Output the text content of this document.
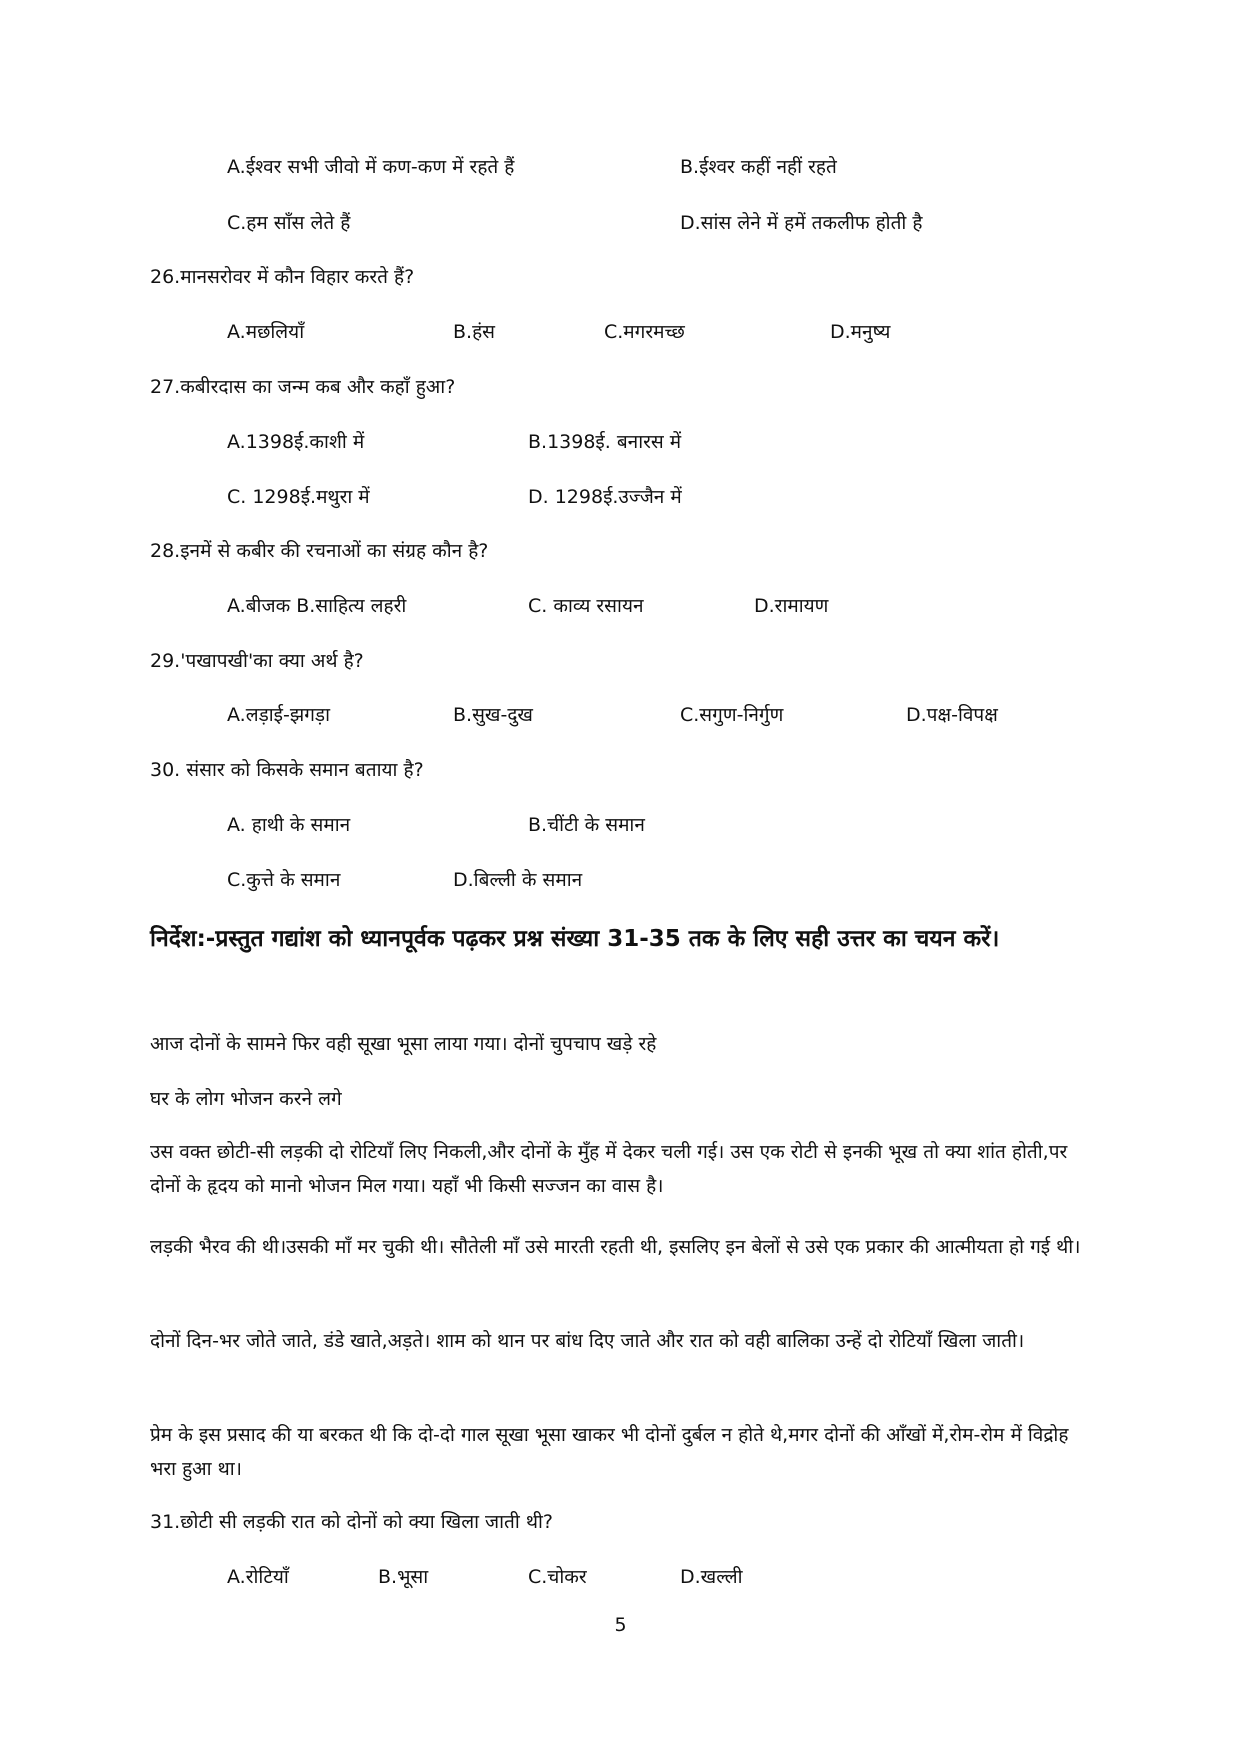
A.ईश्वर सभी जीवो में कण-कण में रहते हैं	B.ईश्वर कहीं नहीं रहते
C.हम साँस लेते हैं	D.सांस लेने में हमें तकलीफ होती है
26.मानसरोवर में कौन विहार करते हैं?
A.मछलियाँ	B.हंस	C.मगरमच्छ	D.मनुष्य
27.कबीरदास का जन्म कब और कहाँ हुआ?
A.1398ई.काशी में	B.1398ई. बनारस में
C. 1298ई.मथुरा में	D. 1298ई.उज्जैन में
28.इनमें से कबीर की रचनाओं का संग्रह कौन है?
A.बीजक B.साहित्य लहरी	C. काव्य रसायन	D.रामायण
29.'पखापखी'का क्या अर्थ है?
A.लड़ाई-झगड़ा	B.सुख-दुख	C.सगुण-निर्गुण	D.पक्ष-विपक्ष
30. संसार को किसके समान बताया है?
A. हाथी के समान	B.चींटी के समान
C.कुत्ते के समान	D.बिल्ली के समान
निर्देश:-प्रस्तुत गद्यांश को ध्यानपूर्वक पढ़कर प्रश्न संख्या 31-35 तक के लिए सही उत्तर का चयन करें।
आज दोनों के सामने फिर वही सूखा भूसा लाया गया। दोनों चुपचाप खड़े रहे
घर के लोग भोजन करने लगे
उस वक्त छोटी-सी लड़की दो रोटियाँ लिए निकली,और दोनों के मुँह में देकर चली गई। उस एक रोटी से इनकी भूख तो क्या शांत होती,पर दोनों के हृदय को मानो भोजन मिल गया। यहाँ भी किसी सज्जन का वास है।
लड़की भैरव की थी।उसकी माँ मर चुकी थी। सौतेली माँ उसे मारती रहती थी, इसलिए इन बेलों से उसे एक प्रकार की आत्मीयता हो गई थी।
दोनों दिन-भर जोते जाते, डंडे खाते,अड़ते। शाम को थान पर बांध दिए जाते और रात को वही बालिका उन्हें दो रोटियाँ खिला जाती।
प्रेम के इस प्रसाद की या बरकत थी कि दो-दो गाल सूखा भूसा खाकर भी दोनों दुर्बल न होते थे,मगर दोनों की आँखों में,रोम-रोम में विद्रोह भरा हुआ था।
31.छोटी सी लड़की रात को दोनों को क्या खिला जाती थी?
A.रोटियाँ	B.भूसा	C.चोकर	D.खल्ली
5
